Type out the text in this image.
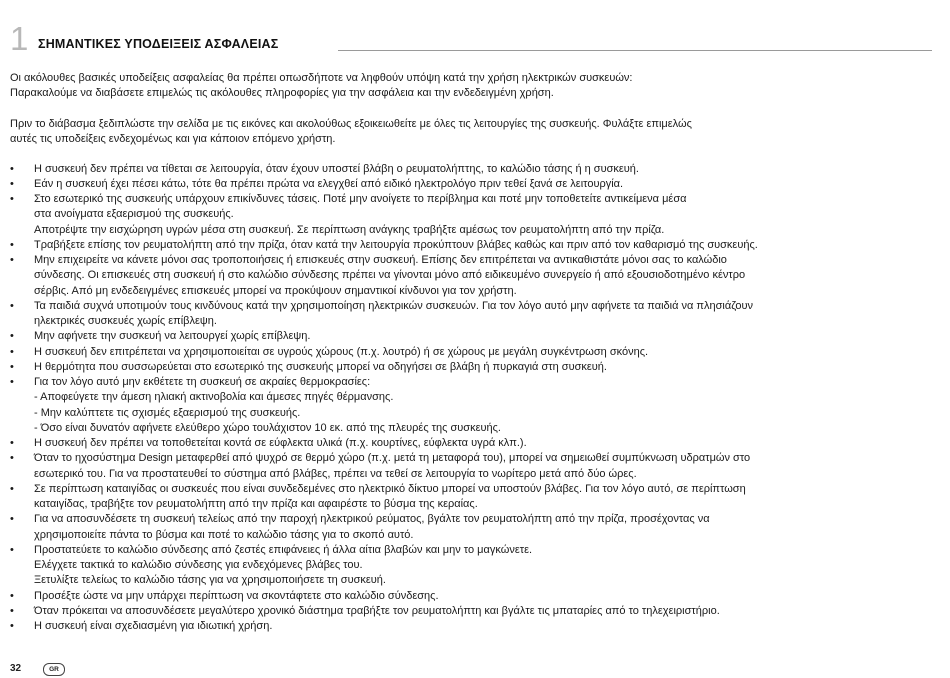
1 ΣΗΜΑΝΤΙΚΕΣ ΥΠΟΔΕΙΞΕΙΣ ΑΣΦΑΛΕΙΑΣ

Οι ακόλουθες βασικές υποδείξεις ασφαλείας θα πρέπει οπωσδήποτε να ληφθούν υπόψη κατά την χρήση ηλεκτρικών συσκευών:
Παρακαλούμε να διαβάσετε επιμελώς τις ακόλουθες πληροφορίες για την ασφάλεια και την ενδεδειγμένη χρήση.

Πριν το διάβασμα ξεδιπλώστε την σελίδα με τις εικόνες και ακολούθως εξοικειωθείτε με όλες τις λειτουργίες της συσκευής. Φυλάξτε επιμελώς
αυτές τις υποδείξεις ενδεχομένως και για κάποιον επόμενο χρήστη.

• Η συσκευή δεν πρέπει να τίθεται σε λειτουργία, όταν έχουν υποστεί βλάβη ο ρευματολήπτης, το καλώδιο τάσης ή η συσκευή.
• Εάν η συσκευή έχει πέσει κάτω, τότε θα πρέπει πρώτα να ελεγχθεί από ειδικό ηλεκτρολόγο πριν τεθεί ξανά σε λειτουργία.
• Στο εσωτερικό της συσκευής υπάρχουν επικίνδυνες τάσεις. Ποτέ μην ανοίγετε το περίβλημα και ποτέ μην τοποθετείτε αντικείμενα μέσα
στα ανοίγματα εξαερισμού της συσκευής.
Αποτρέψτε την εισχώρηση υγρών μέσα στη συσκευή. Σε περίπτωση ανάγκης τραβήξτε αμέσως τον ρευματολήπτη από την πρίζα.
• Τραβήξετε επίσης τον ρευματολήπτη από την πρίζα, όταν κατά την λειτουργία προκύπτουν βλάβες καθώς και πριν από τον καθαρισμό της συσκευής.
• Μην επιχειρείτε να κάνετε μόνοι σας τροποποιήσεις ή επισκευές στην συσκευή. Επίσης δεν επιτρέπεται να αντικαθιστάτε μόνοι σας το καλώδιο
σύνδεσης. Οι επισκευές στη συσκευή ή στο καλώδιο σύνδεσης πρέπει να γίνονται μόνο από ειδικευμένο συνεργείο ή από εξουσιοδοτημένο κέντρο
σέρβις. Από μη ενδεδειγμένες επισκευές μπορεί να προκύψουν σημαντικοί κίνδυνοι για τον χρήστη.
• Τα παιδιά συχνά υποτιμούν τους κινδύνους κατά την χρησιμοποίηση ηλεκτρικών συσκευών. Για τον λόγο αυτό μην αφήνετε τα παιδιά να πλησιάζουν
ηλεκτρικές συσκευές χωρίς επίβλεψη.
• Μην αφήνετε την συσκευή να λειτουργεί χωρίς επίβλεψη.
• Η συσκευή δεν επιτρέπεται να χρησιμοποιείται σε υγρούς χώρους (π.χ. λουτρό) ή σε χώρους με μεγάλη συγκέντρωση σκόνης.
• Η θερμότητα που συσσωρεύεται στο εσωτερικό της συσκευής μπορεί να οδηγήσει σε βλάβη ή πυρκαγιά στη συσκευή.
• Για τον λόγο αυτό μην εκθέτετε τη συσκευή σε ακραίες θερμοκρασίες:
- Αποφεύγετε την άμεση ηλιακή ακτινοβολία και άμεσες πηγές θέρμανσης.
- Μην καλύπτετε τις σχισμές εξαερισμού της συσκευής.
- Όσο είναι δυνατόν αφήνετε ελεύθερο χώρο τουλάχιστον 10 εκ. από της πλευρές της συσκευής.
• Η συσκευή δεν πρέπει να τοποθετείται κοντά σε εύφλεκτα υλικά (π.χ. κουρτίνες, εύφλεκτα υγρά κλπ.).
• Όταν το ηχοσύστημα Design μεταφερθεί από ψυχρό σε θερμό χώρο (π.χ. μετά τη μεταφορά του), μπορεί να σημειωθεί συμπύκνωση υδρατμών στο
εσωτερικό του. Για να προστατευθεί το σύστημα από βλάβες, πρέπει να τεθεί σε λειτουργία το νωρίτερο μετά από δύο ώρες.
• Σε περίπτωση καταιγίδας οι συσκευές που είναι συνδεδεμένες στο ηλεκτρικό δίκτυο μπορεί να υποστούν βλάβες. Για τον λόγο αυτό, σε περίπτωση
καταιγίδας, τραβήξτε τον ρευματολήπτη από την πρίζα και αφαιρέστε το βύσμα της κεραίας.
• Για να αποσυνδέσετε τη συσκευή τελείως από την παροχή ηλεκτρικού ρεύματος, βγάλτε τον ρευματολήπτη από την πρίζα, προσέχοντας να
χρησιμοποιείτε πάντα το βύσμα και ποτέ το καλώδιο τάσης για το σκοπό αυτό.
• Προστατεύετε το καλώδιο σύνδεσης από ζεστές επιφάνειες ή άλλα αίτια βλαβών και μην το μαγκώνετε.
Ελέγχετε τακτικά το καλώδιο σύνδεσης για ενδεχόμενες βλάβες του.
Ξετυλίξτε τελείως το καλώδιο τάσης για να χρησιμοποιήσετε τη συσκευή.
• Προσέξτε ώστε να μην υπάρχει περίπτωση να σκοντάφτετε στο καλώδιο σύνδεσης.
• Όταν πρόκειται να αποσυνδέσετε μεγαλύτερο χρονικό διάστημα τραβήξτε τον ρευματολήπτη και βγάλτε τις μπαταρίες από το τηλεχειριστήριο.
• Η συσκευή είναι σχεδιασμένη για ιδιωτική χρήση.
32	GR
